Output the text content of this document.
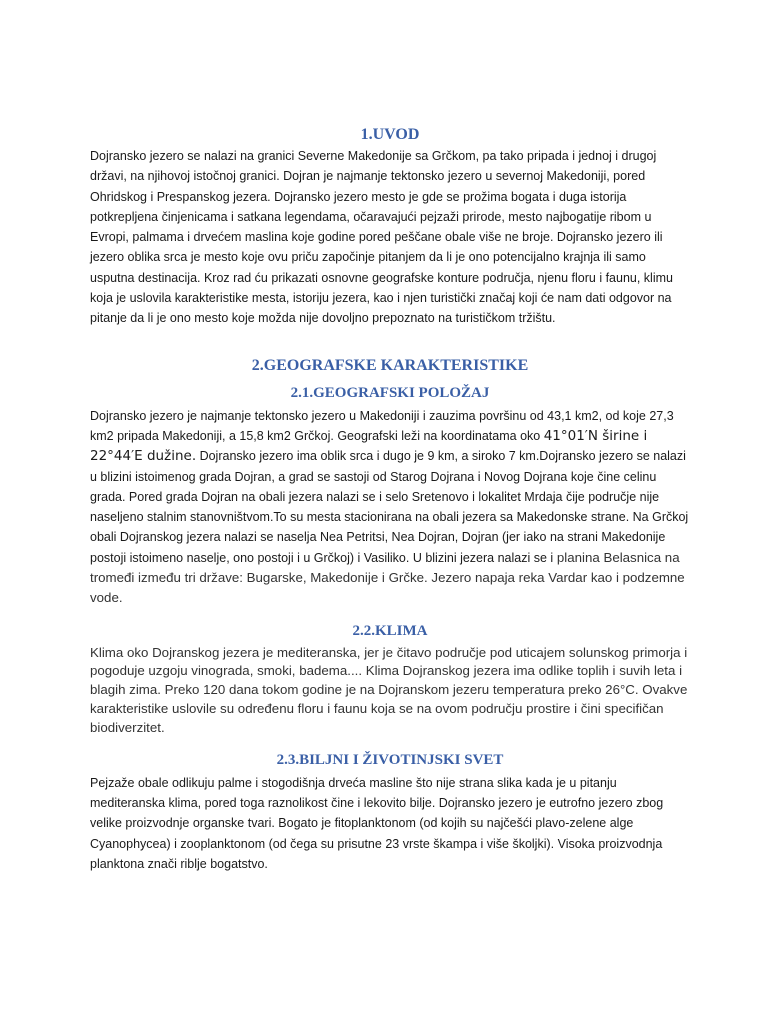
1.UVOD

Dojransko jezero se nalazi na granici Severne Makedonije sa Grčkom, pa tako pripada i jednoj i drugoj državi, na njihovoj istočnoj granici. Dojran je najmanje tektonsko jezero u severnoj Makedoniji, pored Ohridskog i Prespanskog jezera. Dojransko jezero mesto je gde se prožima bogata i duga istorija potkrepljena činjenicama i satkana legendama, očaravajući pejzaži prirode, mesto najbogatije ribom u Evropi, palmama i drvećem maslina koje godine pored peščane obale više ne broje. Dojransko jezero ili jezero oblika srca je mesto koje ovu priču započinje pitanjem da li je ono potencijalno krajnja ili samo usputna destinacija. Kroz rad ću prikazati osnovne geografske konture područja, njenu floru i faunu, klimu koja je uslovila karakteristike mesta, istoriju jezera, kao i njen turistički značaj koji će nam dati odgovor na pitanje da li je ono mesto koje možda nije dovoljno prepoznato na turističkom tržištu.

2.GEOGRAFSKE KARAKTERISTIKE
2.1.GEOGRAFSKI POLOŽAJ

Dojransko jezero je najmanje tektonsko jezero u Makedoniji i zauzima površinu od 43,1 km2, od koje 27,3 km2 pripada Makedoniji, a 15,8 km2 Grčkoj. Geografski leži na koordinatama oko 41°01′N širine i 22°44′E dužine. Dojransko jezero ima oblik srca i dugo je 9 km, a siroko 7 km.Dojransko jezero se nalazi u blizini istoimenog grada Dojran, a grad se sastoji od Starog Dojrana i Novog Dojrana koje čine celinu grada. Pored grada Dojran na obali jezera nalazi se i selo Sretenovo i lokalitet Mrdaja čije područje nije naseljeno stalnim stanovništvom.To su mesta stacionirana na obali jezera sa Makedonske strane. Na Grčkoj obali Dojranskog jezera nalazi se naselja Nea Petritsi, Nea Dojran, Dojran (jer iako na strani Makedonije postoji istoimeno naselje, ono postoji i u Grčkoj) i Vasiliko. U blizini jezera nalazi se i planina Belasnica na tromeđi između tri države: Bugarske, Makedonije i Grčke. Jezero napaja reka Vardar kao i podzemne vode.

2.2.KLIMA

Klima oko Dojranskog jezera je mediteranska, jer je čitavo područje pod uticajem solunskog primorja i pogoduje uzgoju vinograda, smoki, badema.... Klima Dojranskog jezera ima odlike toplih i suvih leta i blagih zima. Preko 120 dana tokom godine je na Dojranskom jezeru temperatura preko 26°C. Ovakve karakteristike uslovile su određenu floru i faunu koja se na ovom području prostire i čini specifičan biodiverzitet.

2.3.BILJNI I ŽIVOTINJSKI SVET

Pejzaže obale odlikuju palme i stogodišnja drveća masline što nije strana slika kada je u pitanju mediteranska klima, pored toga raznolikost čine i lekovito bilje. Dojransko jezero je eutrofno jezero zbog velike proizvodnje organske tvari. Bogato je fitoplanktonom (od kojih su najčešći plavo-zelene alge Cyanophycea) i zooplanktonom (od čega su prisutne 23 vrste škampa i više školjki). Visoka proizvodnja planktona znači riblje bogatstvo.
